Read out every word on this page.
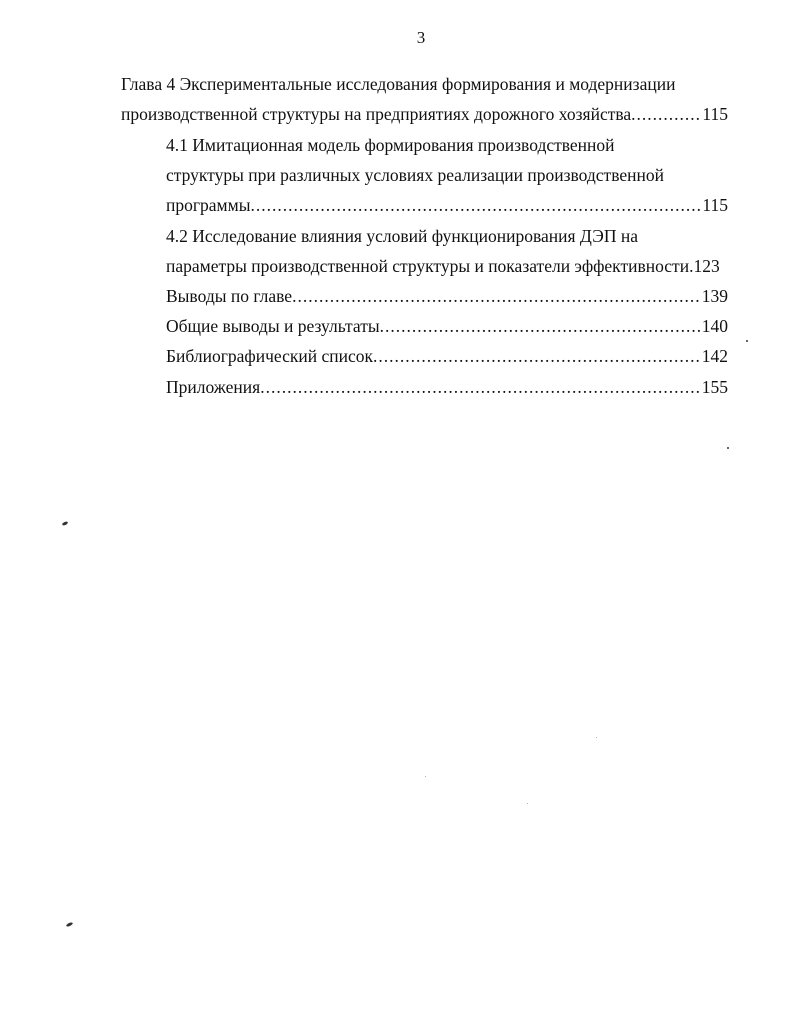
3
Глава 4 Экспериментальные исследования формирования и модернизации
производственной структуры на предприятиях дорожного хозяйства .....	115
4.1 Имитационная модель формирования производственной
структуры при различных условиях реализации производственной
программы .....	115
4.2 Исследование влияния условий функционирования ДЭП на
параметры производственной структуры и показатели эффективности . 123
Выводы по главе .....	139
Общие выводы и результаты .....	140
Библиографический список .....	142
Приложения .....	155
